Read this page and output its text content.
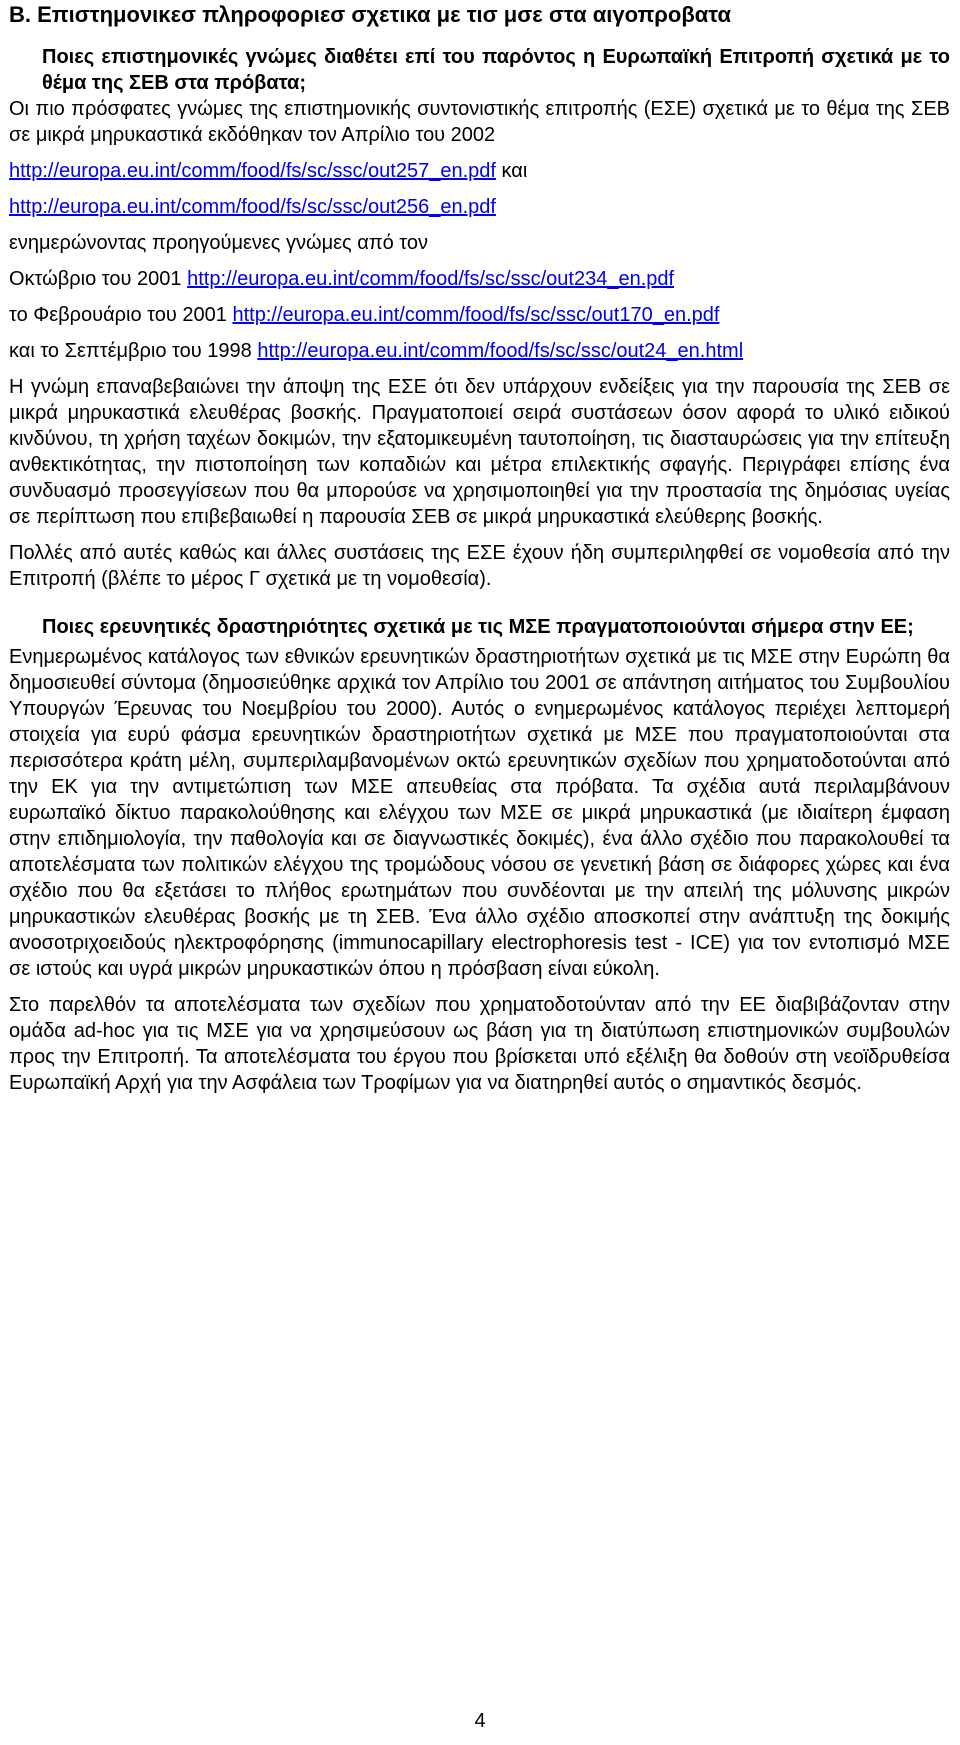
B. Επιστημονικεσ πληροφοριεσ σχετικα με τισ μσε στα αιγοπροβατα
Ποιες επιστημονικές γνώμες διαθέτει επί του παρόντος η Ευρωπαϊκή Επιτροπή σχετικά με το θέμα της ΣΕΒ στα πρόβατα;

Οι πιο πρόσφατες γνώμες της επιστημονικής συντονιστικής επιτροπής (ΕΣΕ) σχετικά με το θέμα της ΣΕΒ σε μικρά μηρυκαστικά εκδόθηκαν τον Απρίλιο του 2002

http://europa.eu.int/comm/food/fs/sc/ssc/out257_en.pdf και

http://europa.eu.int/comm/food/fs/sc/ssc/out256_en.pdf

ενημερώνοντας προηγούμενες γνώμες από τον

Οκτώβριο του 2001 http://europa.eu.int/comm/food/fs/sc/ssc/out234_en.pdf

το Φεβρουάριο του 2001 http://europa.eu.int/comm/food/fs/sc/ssc/out170_en.pdf

και το Σεπτέμβριο του 1998 http://europa.eu.int/comm/food/fs/sc/ssc/out24_en.html

Η γνώμη επαναβεβαιώνει την άποψη της ΕΣΕ ότι δεν υπάρχουν ενδείξεις για την παρουσία της ΣΕΒ σε μικρά μηρυκαστικά ελευθέρας βοσκής. Πραγματοποιεί σειρά συστάσεων όσον αφορά το υλικό ειδικού κινδύνου, τη χρήση ταχέων δοκιμών, την εξατομικευμένη ταυτοποίηση, τις διασταυρώσεις για την επίτευξη ανθεκτικότητας, την πιστοποίηση των κοπαδιών και μέτρα επιλεκτικής σφαγής. Περιγράφει επίσης ένα συνδυασμό προσεγγίσεων που θα μπορούσε να χρησιμοποιηθεί για την προστασία της δημόσιας υγείας σε περίπτωση που επιβεβαιωθεί η παρουσία ΣΕΒ σε μικρά μηρυκαστικά ελεύθερης βοσκής.

Πολλές από αυτές καθώς και άλλες συστάσεις της ΕΣΕ έχουν ήδη συμπεριληφθεί σε νομοθεσία από την Επιτροπή (βλέπε το μέρος Γ σχετικά με τη νομοθεσία).

Ποιες ερευνητικές δραστηριότητες σχετικά με τις ΜΣΕ πραγματοποιούνται σήμερα στην ΕΕ;

Ενημερωμένος κατάλογος των εθνικών ερευνητικών δραστηριοτήτων σχετικά με τις ΜΣΕ στην Ευρώπη θα δημοσιευθεί σύντομα (δημοσιεύθηκε αρχικά τον Απρίλιο του 2001 σε απάντηση αιτήματος του Συμβουλίου Υπουργών Έρευνας του Νοεμβρίου του 2000). Αυτός ο ενημερωμένος κατάλογος περιέχει λεπτομερή στοιχεία για ευρύ φάσμα ερευνητικών δραστηριοτήτων σχετικά με ΜΣΕ που πραγματοποιούνται στα περισσότερα κράτη μέλη, συμπεριλαμβανομένων οκτώ ερευνητικών σχεδίων που χρηματοδοτούνται από την ΕΚ για την αντιμετώπιση των ΜΣΕ απευθείας στα πρόβατα. Τα σχέδια αυτά περιλαμβάνουν ευρωπαϊκό δίκτυο παρακολούθησης και ελέγχου των ΜΣΕ σε μικρά μηρυκαστικά (με ιδιαίτερη έμφαση στην επιδημιολογία, την παθολογία και σε διαγνωστικές δοκιμές), ένα άλλο σχέδιο που παρακολουθεί τα αποτελέσματα των πολιτικών ελέγχου της τρομώδους νόσου σε γενετική βάση σε διάφορες χώρες και ένα σχέδιο που θα εξετάσει το πλήθος ερωτημάτων που συνδέονται με την απειλή της μόλυνσης μικρών μηρυκαστικών ελευθέρας βοσκής με τη ΣΕΒ. Ένα άλλο σχέδιο αποσκοπεί στην ανάπτυξη της δοκιμής ανοσοτριχοειδούς ηλεκτροφόρησης (immunocapillary electrophoresis test - ICE) για τον εντοπισμό ΜΣΕ σε ιστούς και υγρά μικρών μηρυκαστικών όπου η πρόσβαση είναι εύκολη.

Στο παρελθόν τα αποτελέσματα των σχεδίων που χρηματοδοτούνταν από την ΕΕ διαβιβάζονταν στην ομάδα ad-hoc για τις ΜΣΕ για να χρησιμεύσουν ως βάση για τη διατύπωση επιστημονικών συμβουλών προς την Επιτροπή. Τα αποτελέσματα του έργου που βρίσκεται υπό εξέλιξη θα δοθούν στη νεοϊδρυθείσα Ευρωπαϊκή Αρχή για την Ασφάλεια των Τροφίμων για να διατηρηθεί αυτός ο σημαντικός δεσμός.

4
